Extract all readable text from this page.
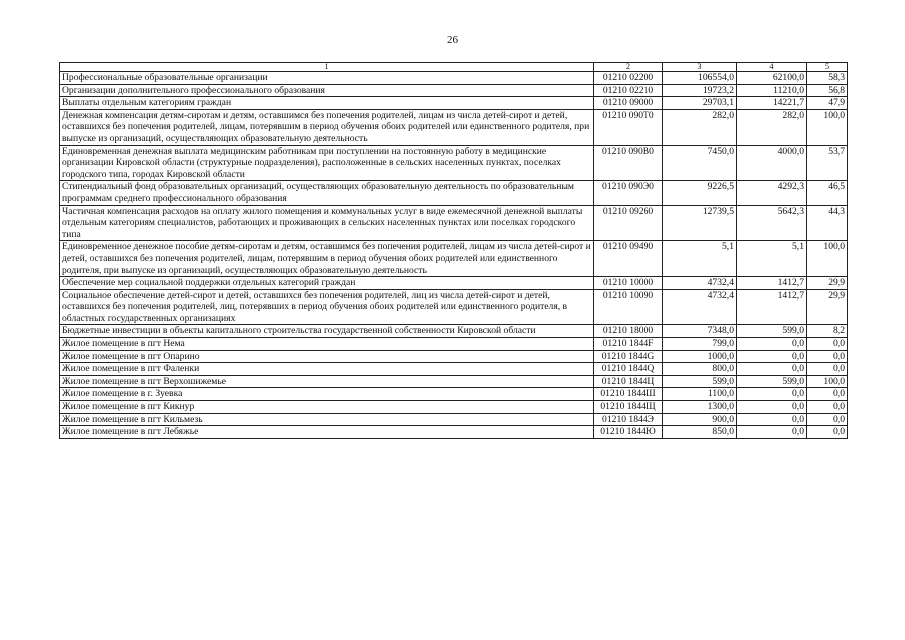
26
1	2	3	4	5
Профессиональные образовательные организации	01210 02200	106554,0	62100,0	58,3
Организации дополнительного профессионального образования	01210 02210	19723,2	11210,0	56,8
Выплаты отдельным категориям граждан	01210 09000	29703,1	14221,7	47,9
Денежная компенсация детям-сиротам и детям, оставшимся без попечения родителей, лицам из числа детей-сирот и детей, оставшихся без попечения родителей, лицам, потерявшим в период обучения обоих родителей или единственного родителя, при выпуске из организаций, осуществляющих образовательную деятельность	01210 090Т0	282,0	282,0	100,0
Единовременная денежная выплата медицинским работникам при поступлении на постоянную работу в медицинские организации Кировской области (структурные подразделения), расположенные в сельских населенных пунктах, поселках городского типа, городах Кировской области	01210 090В0	7450,0	4000,0	53,7
Стипендиальный фонд образовательных организаций, осуществляющих образовательную деятельность по образовательным программам среднего профессионального образования	01210 090Э0	9226,5	4292,3	46,5
Частичная компенсация расходов на оплату жилого помещения и коммунальных услуг в виде ежемесячной денежной выплаты отдельным категориям специалистов, работающих и проживающих в сельских населенных пунктах или поселках городского типа	01210 09260	12739,5	5642,3	44,3
Единовременное денежное пособие детям-сиротам и детям, оставшимся без попечения родителей, лицам из числа детей-сирот и детей, оставшихся без попечения родителей, лицам, потерявшим в период обучения обоих родителей или единственного родителя, при выпуске из организаций, осуществляющих образовательную деятельность	01210 09490	5,1	5,1	100,0
Обеспечение мер социальной поддержки отдельных категорий граждан	01210 10000	4732,4	1412,7	29,9
Социальное обеспечение детей-сирот и детей, оставшихся без попечения родителей, лиц из числа детей-сирот и детей, оставшихся без попечения родителей, лиц, потерявших в период обучения обоих родителей или единственного родителя, в областных государственных организациях	01210 10090	4732,4	1412,7	29,9
Бюджетные инвестиции в объекты капитального строительства государственной собственности Кировской области	01210 18000	7348,0	599,0	8,2
Жилое помещение в пгт Нема	01210 1844F	799,0	0,0	0,0
Жилое помещение в пгт Опарино	01210 1844G	1000,0	0,0	0,0
Жилое помещение в пгт Фаленки	01210 1844Q	800,0	0,0	0,0
Жилое помещение в пгт Верхошижемье	01210 1844Ц	599,0	599,0	100,0
Жилое помещение в г. Зуевка	01210 1844Ш	1100,0	0,0	0,0
Жилое помещение в пгт Кикнур	01210 1844Щ	1300,0	0,0	0,0
Жилое помещение в пгт Кильмезь	01210 1844Э	900,0	0,0	0,0
Жилое помещение в пгт Лебяжье	01210 1844Ю	850,0	0,0	0,0
